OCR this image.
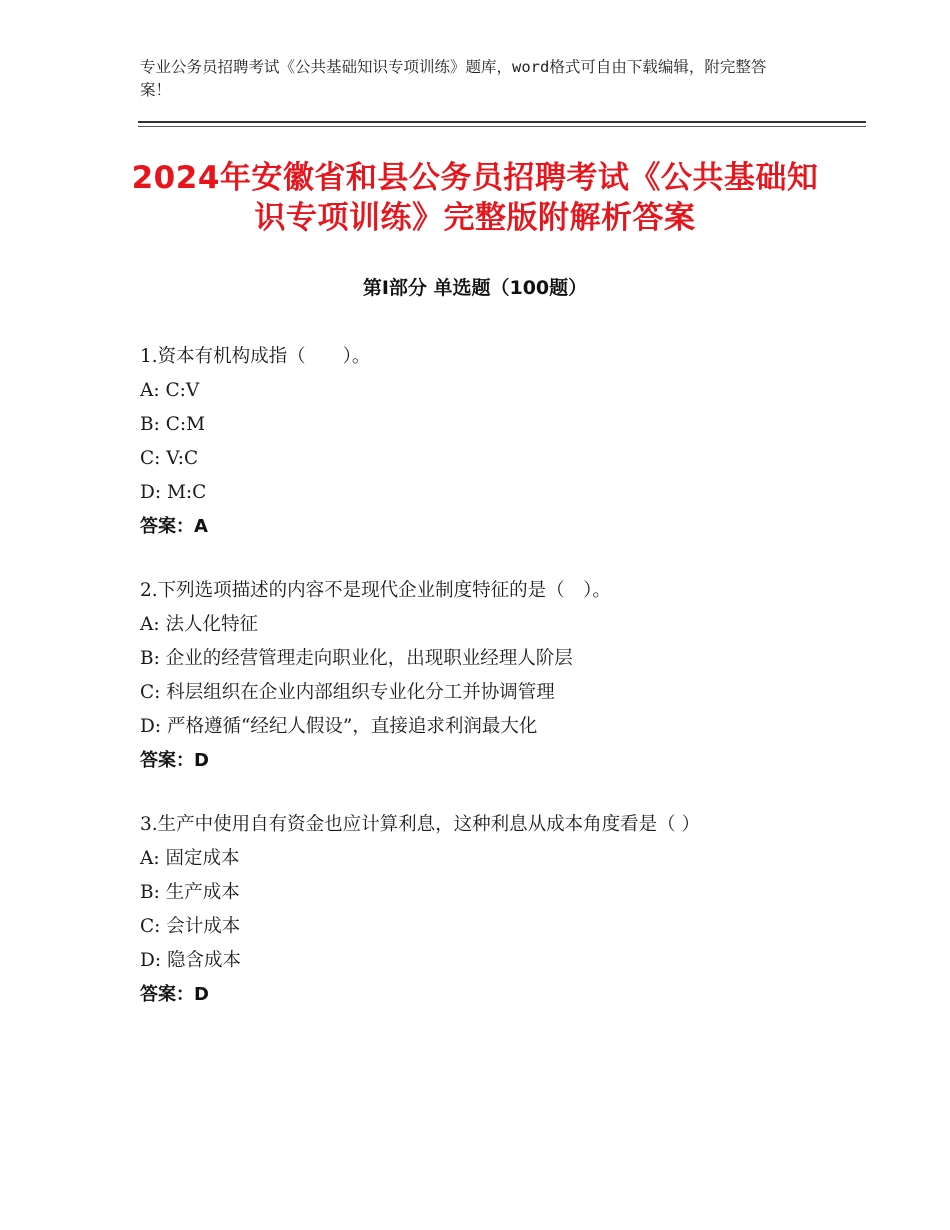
专业公务员招聘考试《公共基础知识专项训练》题库，word格式可自由下载编辑，附完整答案！
2024年安徽省和县公务员招聘考试《公共基础知识专项训练》完整版附解析答案
第Ⅰ部分 单选题（100题）
1.资本有机构成指（　　）。
A: C:V
B: C:M
C: V:C
D: M:C
答案：A
2.下列选项描述的内容不是现代企业制度特征的是（　）。
A: 法人化特征
B: 企业的经营管理走向职业化，出现职业经理人阶层
C: 科层组织在企业内部组织专业化分工并协调管理
D: 严格遵循“经纪人假设”，直接追求利润最大化
答案：D
3.生产中使用自有资金也应计算利息，这种利息从成本角度看是（ ）
A: 固定成本
B: 生产成本
C: 会计成本
D: 隐含成本
答案：D
